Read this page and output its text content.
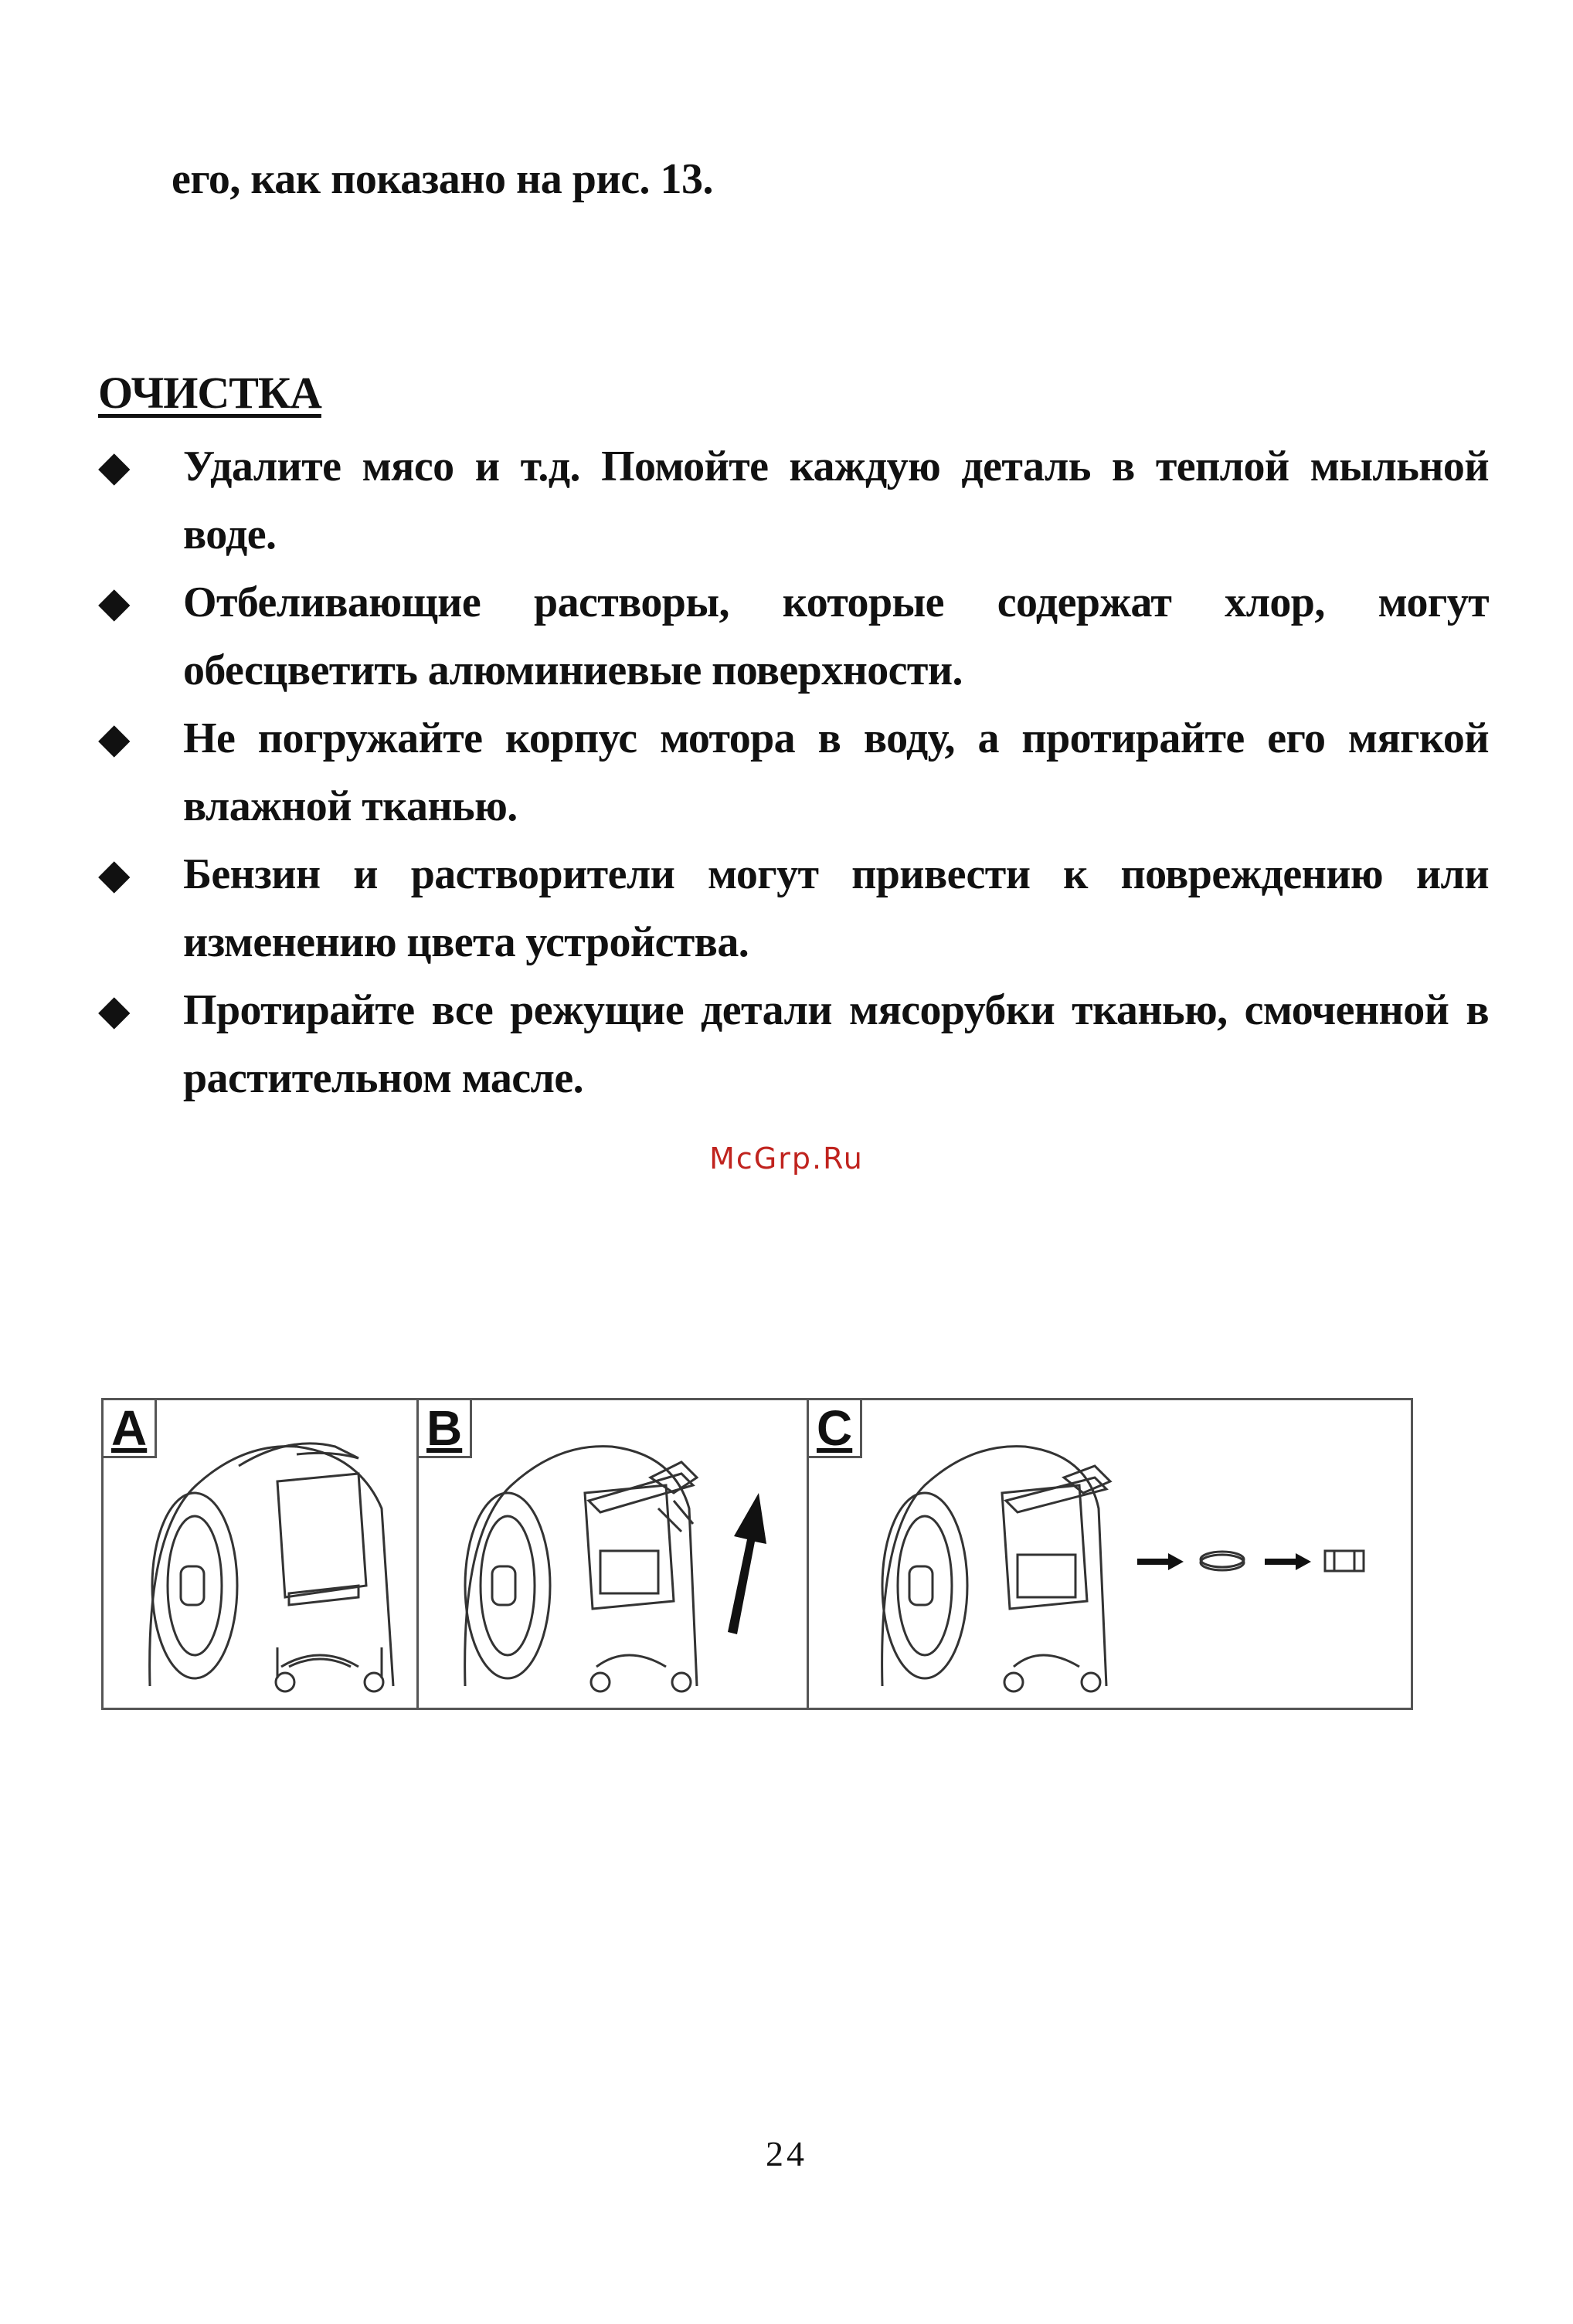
его, как показано на рис. 13.
ОЧИСТКА
◆	Удалите мясо и т.д. Помойте каждую деталь в теплой мыльной воде.
◆	Отбеливающие растворы, которые содержат хлор, могут обесцветить алюминиевые поверхности.
◆	Не погружайте корпус мотора в воду, а протирайте его мягкой влажной тканью.
◆	Бензин и растворители могут привести к повреждению или изменению цвета устройства.
◆	Протирайте все режущие детали мясорубки тканью, смоченной в растительном масле.
McGrp.Ru
A	B	C
24
